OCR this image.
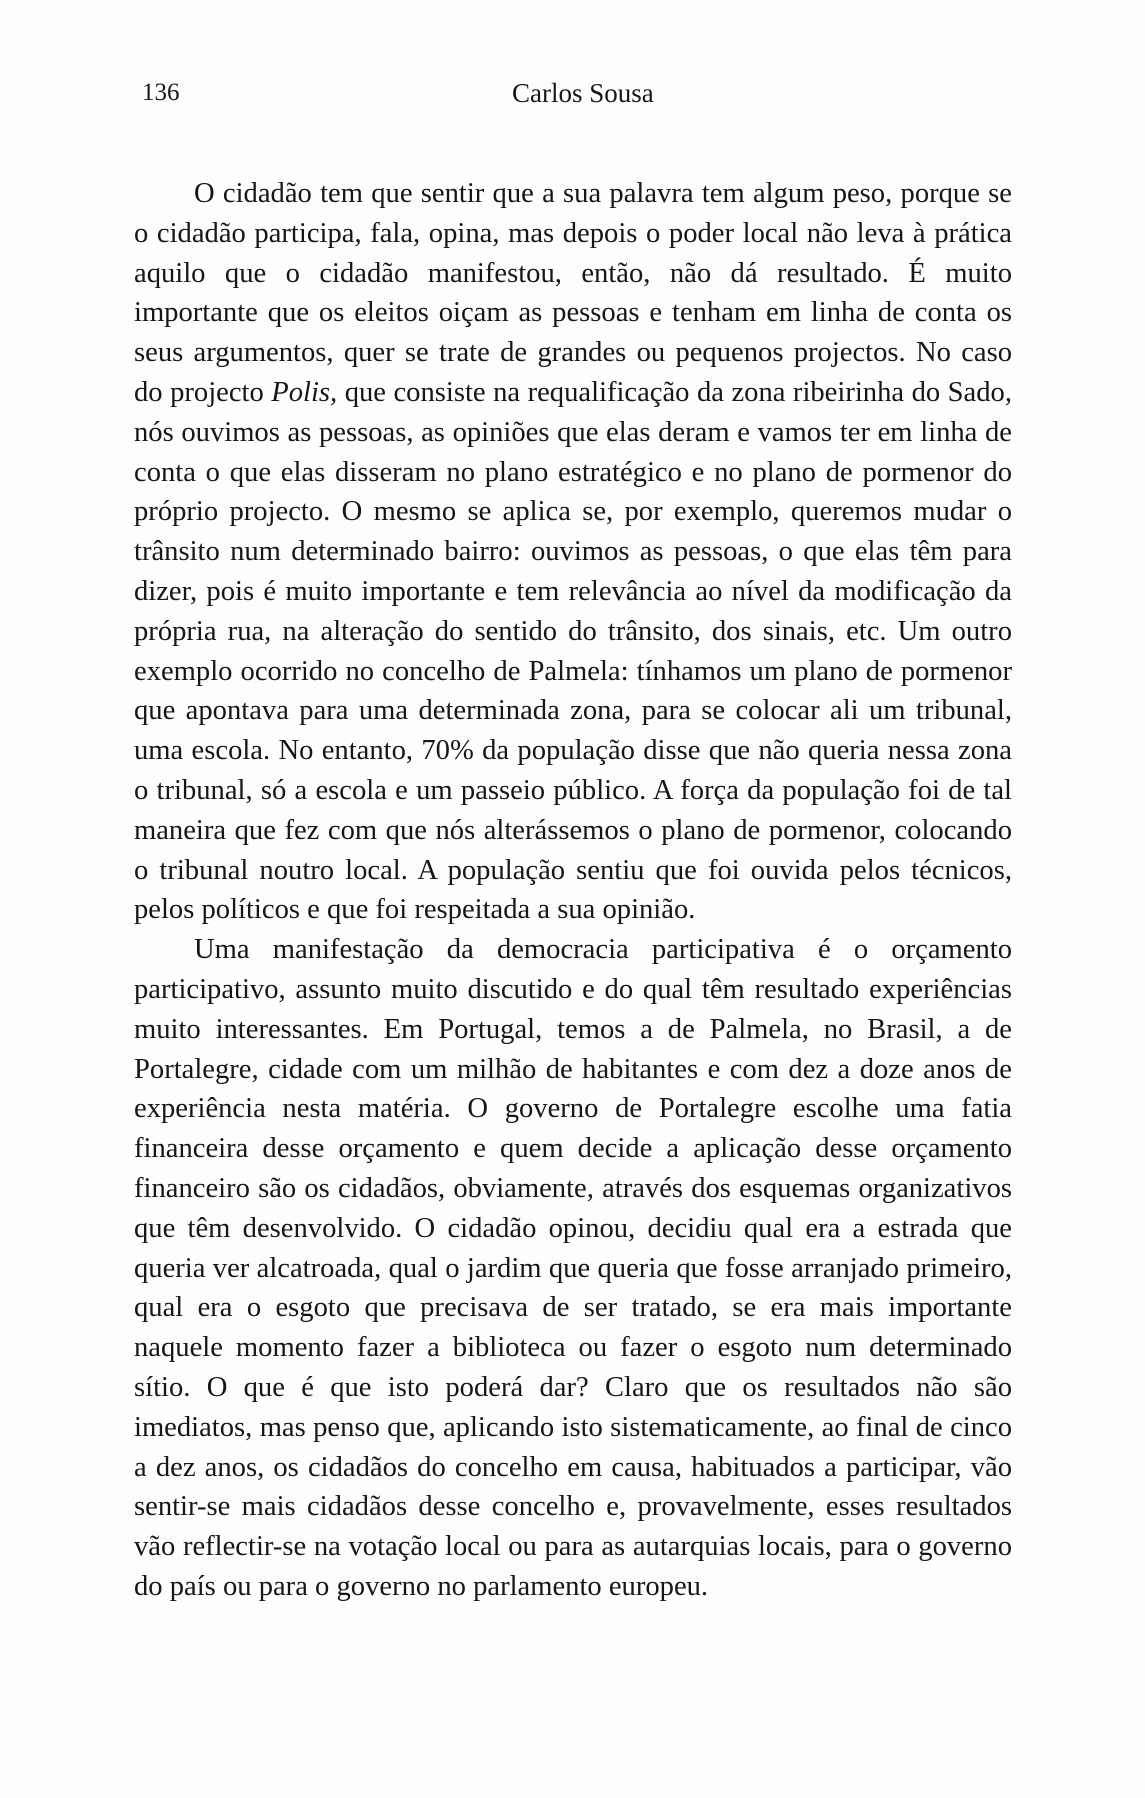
136	Carlos Sousa

O cidadão tem que sentir que a sua palavra tem algum peso, porque se o cidadão participa, fala, opina, mas depois o poder local não leva à prática aquilo que o cidadão manifestou, então, não dá resultado. É muito importante que os eleitos oiçam as pessoas e tenham em linha de conta os seus argumentos, quer se trate de grandes ou pequenos projectos. No caso do projecto Polis, que consiste na requalificação da zona ribeirinha do Sado, nós ouvimos as pessoas, as opiniões que elas deram e vamos ter em linha de conta o que elas disseram no plano estratégico e no plano de pormenor do próprio projecto. O mesmo se aplica se, por exemplo, queremos mudar o trânsito num determinado bairro: ouvimos as pessoas, o que elas têm para dizer, pois é muito importante e tem relevância ao nível da modificação da própria rua, na alteração do sentido do trânsito, dos sinais, etc. Um outro exemplo ocorrido no concelho de Palmela: tínhamos um plano de pormenor que apontava para uma determinada zona, para se colocar ali um tribunal, uma escola. No entanto, 70% da população disse que não queria nessa zona o tribunal, só a escola e um passeio público. A força da população foi de tal maneira que fez com que nós alterássemos o plano de pormenor, colocando o tribunal noutro local. A população sentiu que foi ouvida pelos técnicos, pelos políticos e que foi respeitada a sua opinião.

Uma manifestação da democracia participativa é o orçamento participativo, assunto muito discutido e do qual têm resultado experiências muito interessantes. Em Portugal, temos a de Palmela, no Brasil, a de Portalegre, cidade com um milhão de habitantes e com dez a doze anos de experiência nesta matéria. O governo de Portalegre escolhe uma fatia financeira desse orçamento e quem decide a aplicação desse orçamento financeiro são os cidadãos, obviamente, através dos esquemas organizativos que têm desenvolvido. O cidadão opinou, decidiu qual era a estrada que queria ver alcatroada, qual o jardim que queria que fosse arranjado primeiro, qual era o esgoto que precisava de ser tratado, se era mais importante naquele momento fazer a biblioteca ou fazer o esgoto num determinado sítio. O que é que isto poderá dar? Claro que os resultados não são imediatos, mas penso que, aplicando isto sistematicamente, ao final de cinco a dez anos, os cidadãos do concelho em causa, habituados a participar, vão sentir-se mais cidadãos desse concelho e, provavelmente, esses resultados vão reflectir-se na votação local ou para as autarquias locais, para o governo do país ou para o governo no parlamento europeu.
